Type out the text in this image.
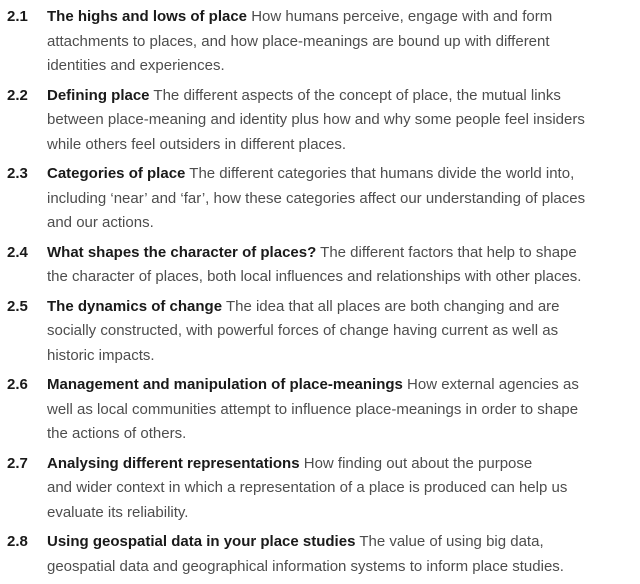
2.1	The highs and lows of place How humans perceive, engage with and form
attachments to places, and how place-meanings are bound up with different
identities and experiences.
2.2	Defining place The different aspects of the concept of place, the mutual links
between place-meaning and identity plus how and why some people feel insiders
while others feel outsiders in different places.
2.3	Categories of place The different categories that humans divide the world into,
including ‘near’ and ‘far’, how these categories affect our understanding of places
and our actions.
2.4	What shapes the character of places? The different factors that help to shape
the character of places, both local influences and relationships with other places.
2.5	The dynamics of change The idea that all places are both changing and are
socially constructed, with powerful forces of change having current as well as
historic impacts.
2.6	Management and manipulation of place-meanings How external agencies as
well as local communities attempt to influence place-meanings in order to shape
the actions of others.
2.7	Analysing different representations How finding out about the purpose
and wider context in which a representation of a place is produced can help us
evaluate its reliability.
2.8	Using geospatial data in your place studies The value of using big data,
geospatial data and geographical information systems to inform place studies.
